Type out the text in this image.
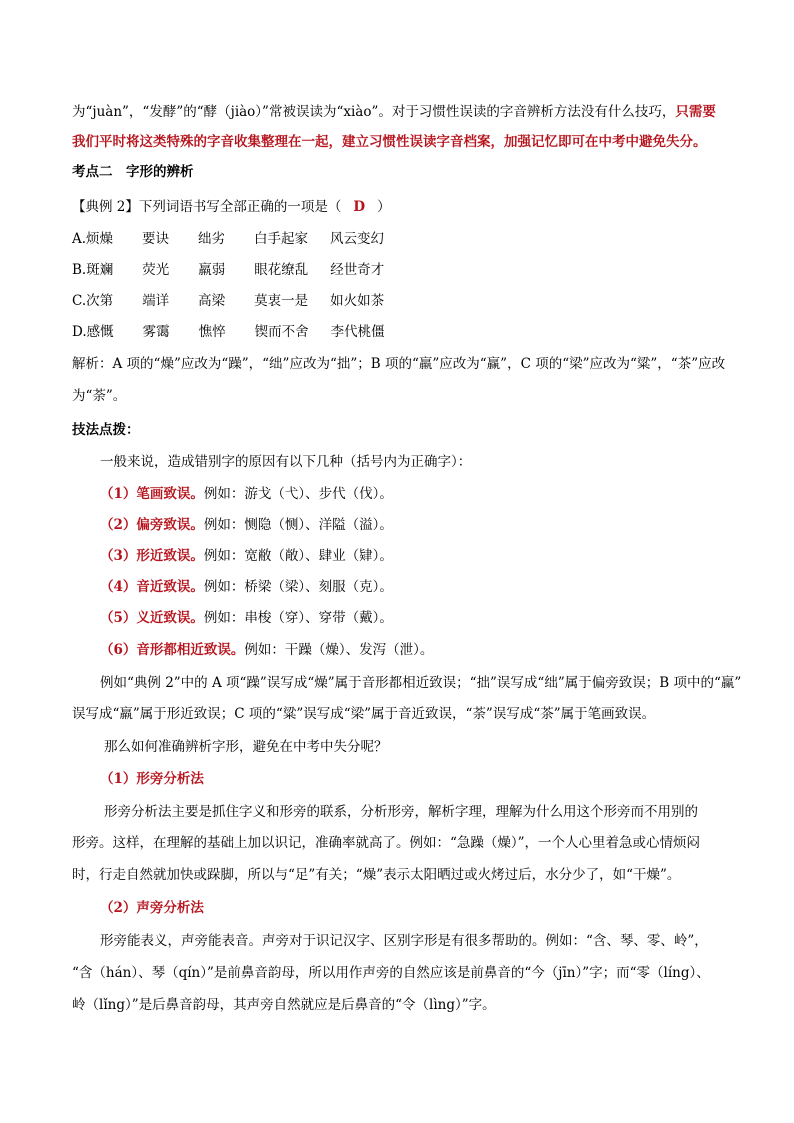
为“juàn”，“发酵”的“酵（jiào）”常被误读为“xiào”。对于习惯性误读的字音辨析方法没有什么技巧，只需要
我们平时将这类特殊的字音收集整理在一起，建立习惯性误读字音档案，加强记忆即可在中考中避免失分。
考点二　字形的辨析
【典例 2】下列词语书写全部正确的一项是（ D ）
A.烦燥 要诀 绌劣 白手起家 风云变幻
B.斑斓 荧光 羸弱 眼花缭乱 经世奇才
C.次第 端详 高梁 莫衷一是 如火如茶
D.感慨 雾霭 憔悴 锲而不舍 李代桃僵
解析：A 项的“燥”应改为“躁”，“绌”应改为“拙”；B 项的“羸”应改为“赢”，C 项的“梁”应改为“粱”，“茶”应改
为“荼”。
技法点拨：
一般来说，造成错别字的原因有以下几种（括号内为正确字）：
（1）笔画致误。例如：游戈（弋）、步代（伐）。
（2）偏旁致误。例如：恻隐（恻）、洋隘（溢）。
（3）形近致误。例如：宽敝（敞）、肆业（肄）。
（4）音近致误。例如：桥梁（梁）、刻服（克）。
（5）义近致误。例如：串梭（穿）、穿带（戴）。
（6）音形都相近致误。例如：干躁（燥）、发泻（泄）。
例如“典例 2”中的 A 项“躁”误写成“燥”属于音形都相近致误；“拙”误写成“绌”属于偏旁致误；B 项中的“赢”
误写成“羸”属于形近致误；C 项的“粱”误写成“梁”属于音近致误，“荼”误写成“茶”属于笔画致误。
那么如何准确辨析字形，避免在中考中失分呢？
（1）形旁分析法
形旁分析法主要是抓住字义和形旁的联系，分析形旁，解析字理，理解为什么用这个形旁而不用别的
形旁。这样，在理解的基础上加以识记，准确率就高了。例如：“急躁（燥）”，一个人心里着急或心情烦闷
时，行走自然就加快或跺脚，所以与“足”有关；“燥”表示太阳晒过或火烤过后，水分少了，如“干燥”。
（2）声旁分析法
形旁能表义，声旁能表音。声旁对于识记汉字、区别字形是有很多帮助的。例如：“含、琴、零、岭”，
“含（hán）、琴（qín）”是前鼻音韵母，所以用作声旁的自然应该是前鼻音的“今（jīn）”字；而“零（líng）、
岭（lǐng）”是后鼻音韵母，其声旁自然就应是后鼻音的“令（lìng）”字。
